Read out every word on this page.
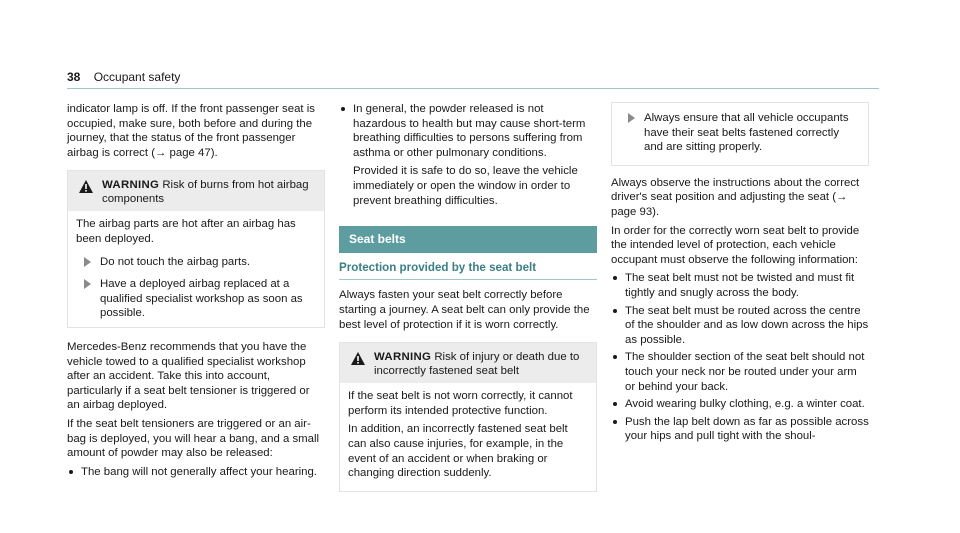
38 Occupant safety

indicator lamp is off. If the front passenger seat is occupied, make sure, both before and during the journey, that the status of the front passenger airbag is correct (→ page 47).

WARNING Risk of burns from hot airbag components
The airbag parts are hot after an airbag has been deployed.
Do not touch the airbag parts.
Have a deployed airbag replaced at a qualified specialist workshop as soon as possible.

Mercedes-Benz recommends that you have the vehicle towed to a qualified specialist workshop after an accident. Take this into account, particularly if a seat belt tensioner is triggered or an airbag deployed.

If the seat belt tensioners are triggered or an air-bag is deployed, you will hear a bang, and a small amount of powder may also be released:

The bang will not generally affect your hearing.
In general, the powder released is not hazardous to health but may cause short-term breathing difficulties to persons suffering from asthma or other pulmonary conditions.
Provided it is safe to do so, leave the vehicle immediately or open the window in order to prevent breathing difficulties.
Seat belts
Protection provided by the seat belt

Always fasten your seat belt correctly before starting a journey. A seat belt can only provide the best level of protection if it is worn correctly.

WARNING Risk of injury or death due to incorrectly fastened seat belt

If the seat belt is not worn correctly, it cannot perform its intended protective function.

In addition, an incorrectly fastened seat belt can also cause injuries, for example, in the event of an accident or when braking or changing direction suddenly.

Always ensure that all vehicle occupants have their seat belts fastened correctly and are sitting properly.

Always observe the instructions about the correct driver's seat position and adjusting the seat (→ page 93).

In order for the correctly worn seat belt to provide the intended level of protection, each vehicle occupant must observe the following information:

The seat belt must not be twisted and must fit tightly and snugly across the body.
The seat belt must be routed across the centre of the shoulder and as low down across the hips as possible.
The shoulder section of the seat belt should not touch your neck nor be routed under your arm or behind your back.
Avoid wearing bulky clothing, e.g. a winter coat.
Push the lap belt down as far as possible across your hips and pull tight with the shoul-
